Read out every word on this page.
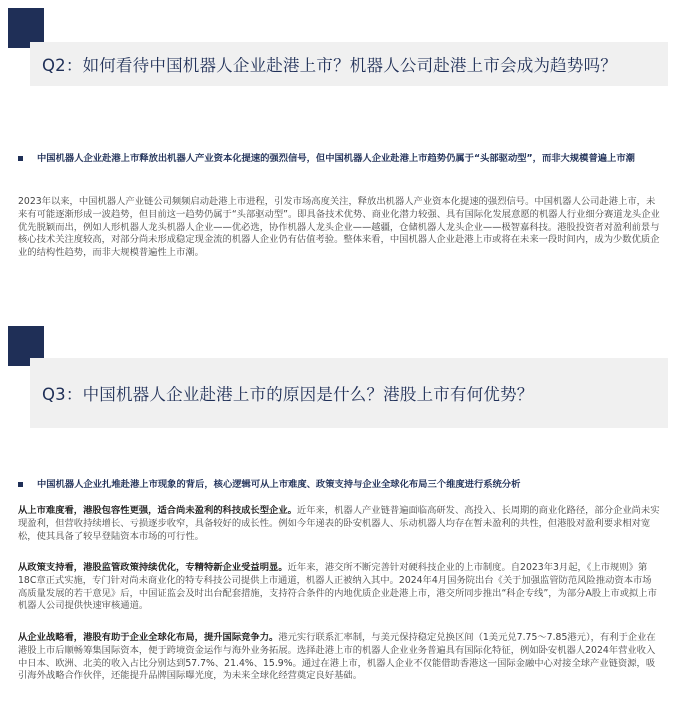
Q2：如何看待中国机器人企业赴港上市？机器人公司赴港上市会成为趋势吗？
中国机器人企业赴港上市释放出机器人产业资本化提速的强烈信号，但中国机器人企业赴港上市趋势仍属于“头部驱动型”，而非大规模普遍上市潮

2023年以来，中国机器人产业链公司频频启动赴港上市进程，引发市场高度关注，释放出机器人产业资本化提速的强烈信号。中国机器人公司赴港上市，未来有可能逐渐形成一波趋势，但目前这一趋势仍属于“头部驱动型”。即具备技术优势、商业化潜力较强、具有国际化发展意愿的机器人行业细分赛道龙头企业优先脱颖而出，例如人形机器人龙头机器人企业——优必选，协作机器人龙头企业——越疆，仓储机器人龙头企业——极智嘉科技。港股投资者对盈利前景与核心技术关注度较高，对部分尚未形成稳定现金流的机器人企业仍有估值考验。整体来看，中国机器人企业赴港上市或将在未来一段时间内，成为少数优质企业的结构性趋势，而非大规模普遍性上市潮。

Q3：中国机器人企业赴港上市的原因是什么？港股上市有何优势？
中国机器人企业扎堆赴港上市现象的背后，核心逻辑可从上市难度、政策支持与企业全球化布局三个维度进行系统分析

从上市难度看，港股包容性更强，适合尚未盈利的科技成长型企业。近年来，机器人产业链普遍面临高研发、高投入、长周期的商业化路径，部分企业尚未实现盈利，但营收持续增长、亏损逐步收窄，具备较好的成长性。例如今年递表的卧安机器人、乐动机器人均存在暂未盈利的共性，但港股对盈利要求相对宽松，使其具备了较早登陆资本市场的可行性。

从政策支持看，港股监管政策持续优化，专精特新企业受益明显。近年来，港交所不断完善针对硬科技企业的上市制度。自2023年3月起，《上市规则》第18C章正式实施，专门针对尚未商业化的特专科技公司提供上市通道，机器人正被纳入其中。2024年4月国务院出台《关于加强监管防范风险推动资本市场高质量发展的若干意见》后，中国证监会及时出台配套措施，支持符合条件的内地优质企业赴港上市，港交所同步推出“科企专线”，为部分A股上市或拟上市机器人公司提供快速审核通道。

从企业战略看，港股有助于企业全球化布局，提升国际竞争力。港元实行联系汇率制，与美元保持稳定兑换区间（1美元兑7.75～7.85港元），有利于企业在港股上市后顺畅筹集国际资本，便于跨境资金运作与海外业务拓展。选择赴港上市的机器人企业业务普遍具有国际化特征，例如卧安机器人2024年营业收入中日本、欧洲、北美的收入占比分别达到57.7%、21.4%、15.9%。通过在港上市，机器人企业不仅能借助香港这一国际金融中心对接全球产业链资源，吸引海外战略合作伙伴，还能提升品牌国际曝光度，为未来全球化经营奠定良好基础。
